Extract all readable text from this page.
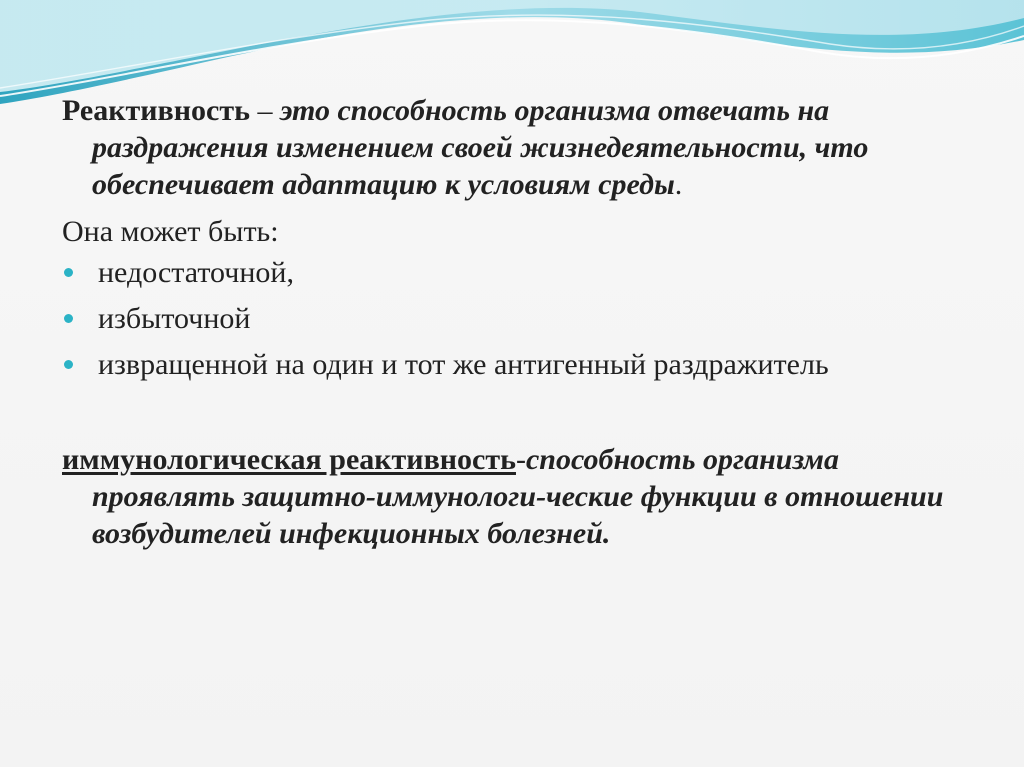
Реактивность – это способность организма отвечать на раздражения изменением своей жизнедеятельности, что обеспечивает адаптацию к условиям среды.

Она может быть:

недостаточной,
избыточной
извращенной на один и тот же антигенный раздражитель

иммунологическая реактивность-способность организма проявлять защитно-иммунологи-ческие функции в отношении возбудителей инфекционных болезней.
